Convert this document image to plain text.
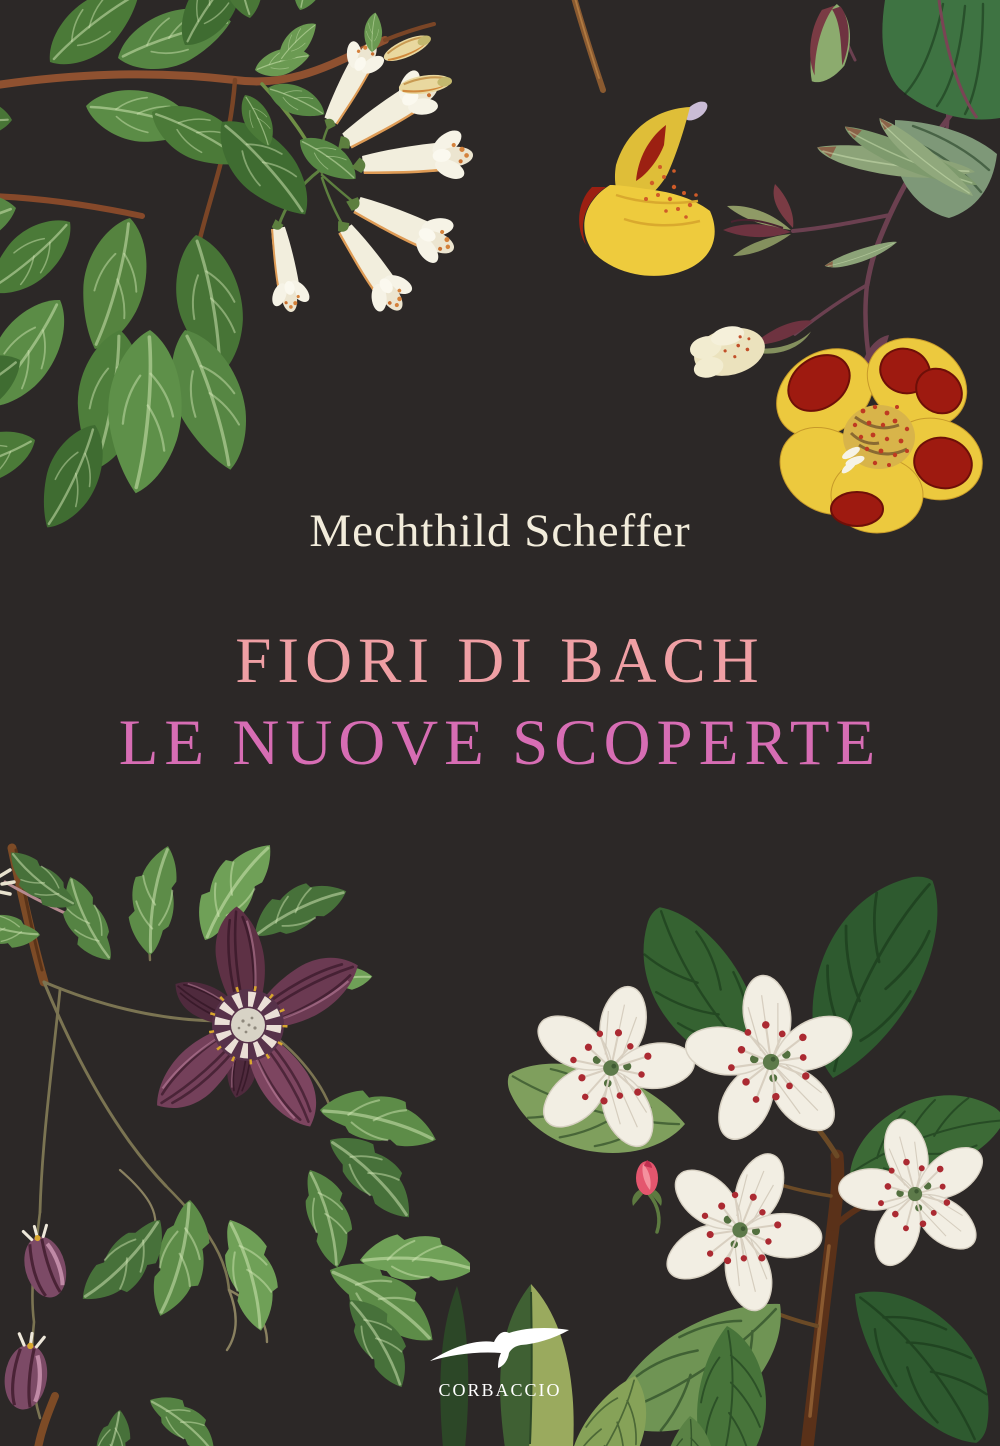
Mechthild Scheffer
FIORI DI BACH
LE NUOVE SCOPERTE
CORBACCIO
